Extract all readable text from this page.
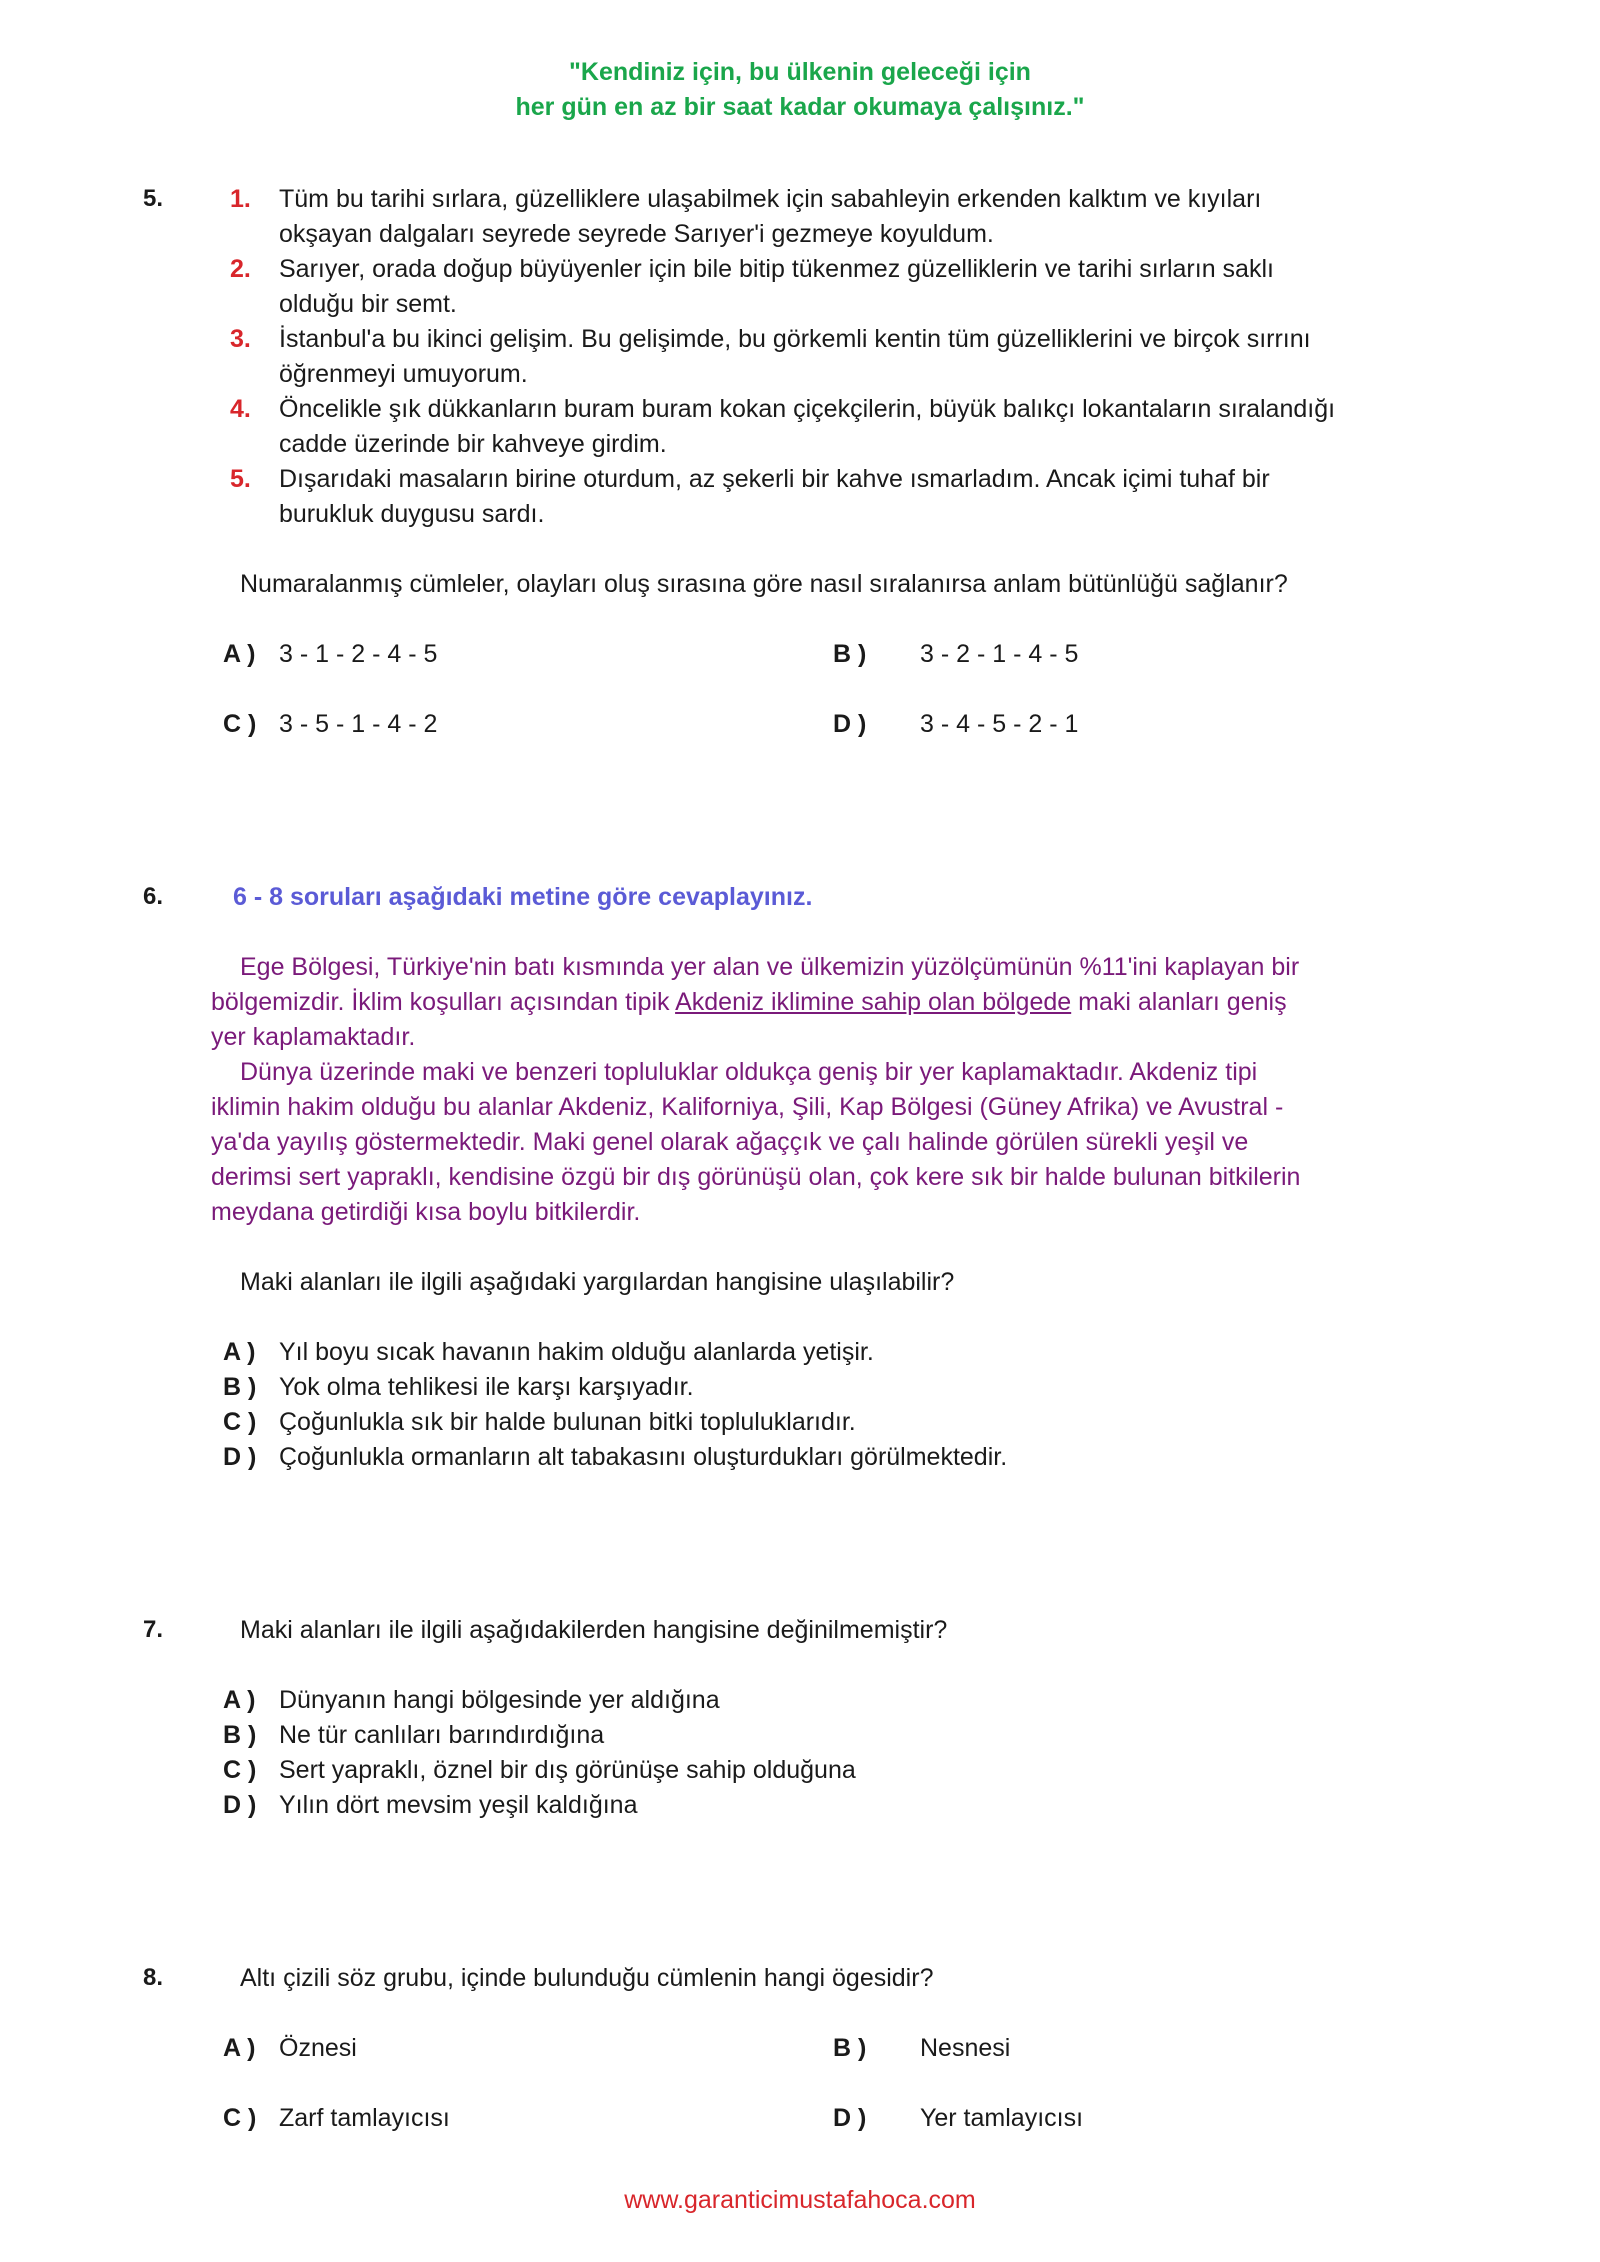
"Kendiniz için, bu ülkenin geleceği için
her gün en az bir saat kadar okumaya çalışınız."
5.	1. Tüm bu tarihi sırlara, güzelliklere ulaşabilmek için sabahleyin erkenden kalktım ve kıyıları
okşayan dalgaları seyrede seyrede Sarıyer'i gezmeye koyuldum.
2. Sarıyer, orada doğup büyüyenler için bile bitip tükenmez güzelliklerin ve tarihi sırların saklı
olduğu bir semt.
3. İstanbul'a bu ikinci gelişim. Bu gelişimde, bu görkemli kentin tüm güzelliklerini ve birçok sırrını
öğrenmeyi umuyorum.
4. Öncelikle şık dükkanların buram buram kokan çiçekçilerin, büyük balıkçı lokantaların sıralandığı
cadde üzerinde bir kahveye girdim.
5. Dışarıdaki masaların birine oturdum, az şekerli bir kahve ısmarladım. Ancak içimi tuhaf bir
burukluk duygusu sardı.
Numaralanmış cümleler, olayları oluş sırasına göre nasıl sıralanırsa anlam bütünlüğü sağlanır?
A ) 3 - 1 - 2 - 4 - 5	B ) 3 - 2 - 1 - 4 - 5
C ) 3 - 5 - 1 - 4 - 2	D ) 3 - 4 - 5 - 2 - 1
6.	6 - 8 soruları aşağıdaki metine göre cevaplayınız.
Ege Bölgesi, Türkiye'nin batı kısmında yer alan ve ülkemizin yüzölçümünün %11'ini kaplayan bir
bölgemizdir. İklim koşulları açısından tipik Akdeniz iklimine sahip olan bölgede maki alanları geniş
yer kaplamaktadır.
Dünya üzerinde maki ve benzeri topluluklar oldukça geniş bir yer kaplamaktadır. Akdeniz tipi
iklimin hakim olduğu bu alanlar Akdeniz, Kaliforniya, Şili, Kap Bölgesi (Güney Afrika) ve Avustral -
ya'da yayılış göstermektedir. Maki genel olarak ağaççık ve çalı halinde görülen sürekli yeşil ve
derimsi sert yapraklı, kendisine özgü bir dış görünüşü olan, çok kere sık bir halde bulunan bitkilerin
meydana getirdiği kısa boylu bitkilerdir.
Maki alanları ile ilgili aşağıdaki yargılardan hangisine ulaşılabilir?
A ) Yıl boyu sıcak havanın hakim olduğu alanlarda yetişir.
B ) Yok olma tehlikesi ile karşı karşıyadır.
C ) Çoğunlukla sık bir halde bulunan bitki topluluklarıdır.
D ) Çoğunlukla ormanların alt tabakasını oluşturdukları görülmektedir.
7.	Maki alanları ile ilgili aşağıdakilerden hangisine değinilmemiştir?
A ) Dünyanın hangi bölgesinde yer aldığına
B ) Ne tür canlıları barındırdığına
C ) Sert yapraklı, öznel bir dış görünüşe sahip olduğuna
D ) Yılın dört mevsim yeşil kaldığına
8.	Altı çizili söz grubu, içinde bulunduğu cümlenin hangi ögesidir?
A ) Öznesi	B ) Nesnesi
C ) Zarf tamlayıcısı	D ) Yer tamlayıcısı
www.garanticimustafahoca.com
